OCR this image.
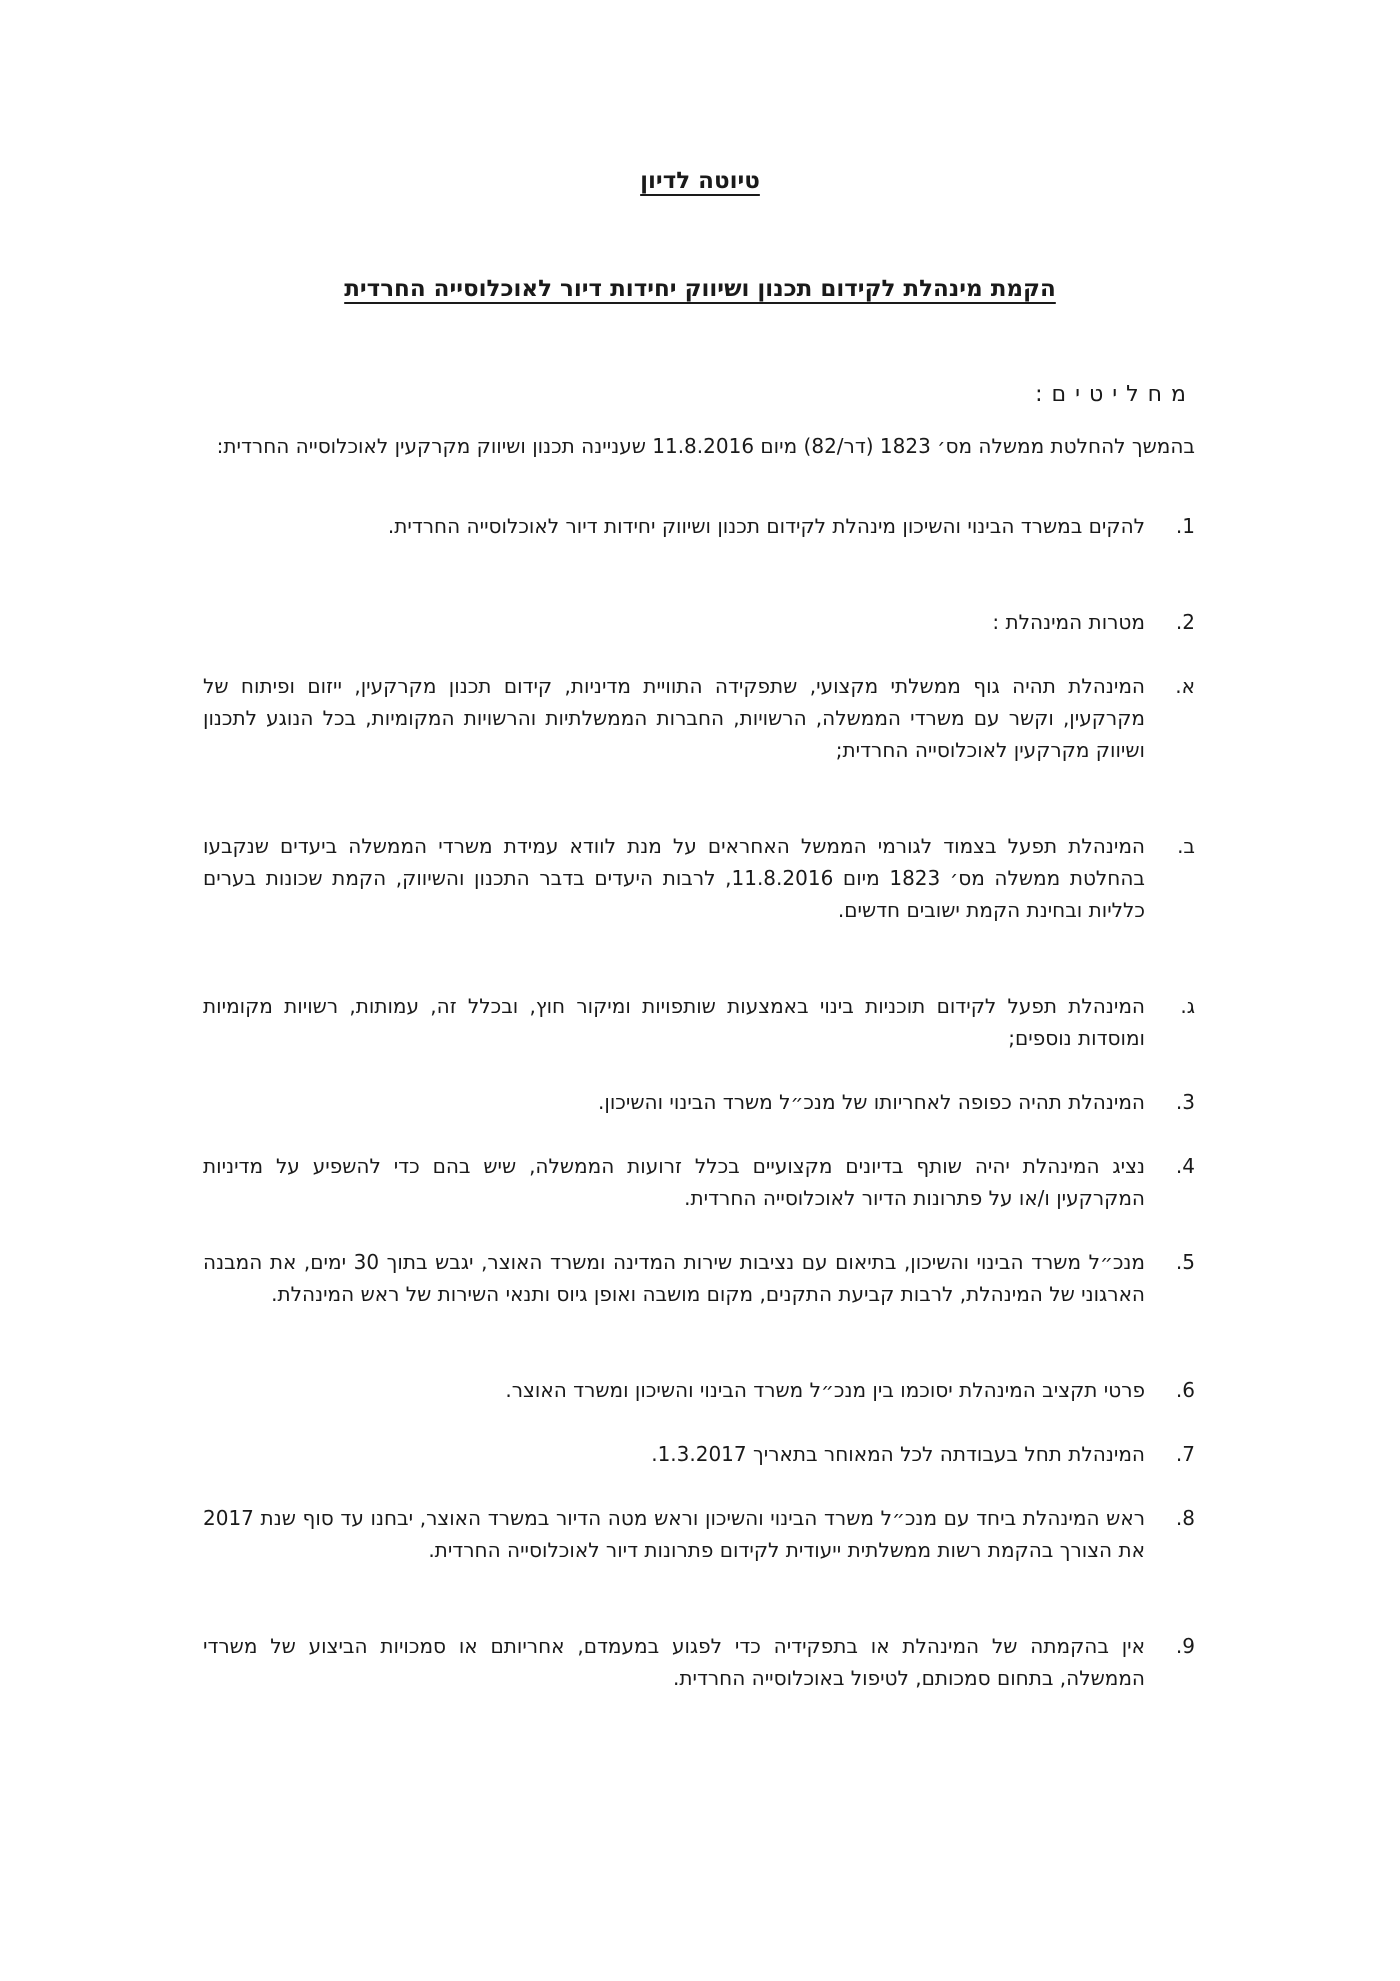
טיוטה לדיון

הקמת מינהלת לקידום תכנון ושיווק יחידות דיור לאוכלוסייה החרדית

מחליטים:

בהמשך להחלטת ממשלה מס׳ 1823 (דר/82) מיום 11.8.2016 שעניינה תכנון ושיווק מקרקעין לאוכלוסייה החרדית:

1.
להקים במשרד הבינוי והשיכון מינהלת לקידום תכנון ושיווק יחידות דיור לאוכלוסייה החרדית.
2.
מטרות המינהלת :
א.
המינהלת תהיה גוף ממשלתי מקצועי, שתפקידה התוויית מדיניות, קידום תכנון מקרקעין, ייזום ופיתוח של מקרקעין, וקשר עם משרדי הממשלה, הרשויות, החברות הממשלתיות והרשויות המקומיות, בכל הנוגע לתכנון ושיווק מקרקעין לאוכלוסייה החרדית;
ב.
המינהלת תפעל בצמוד לגורמי הממשל האחראים על מנת לוודא עמידת משרדי הממשלה ביעדים שנקבעו בהחלטת ממשלה מס׳ 1823 מיום 11.8.2016, לרבות היעדים בדבר התכנון והשיווק, הקמת שכונות בערים כלליות ובחינת הקמת ישובים חדשים.
ג.
המינהלת תפעל לקידום תוכניות בינוי באמצעות שותפויות ומיקור חוץ, ובכלל זה, עמותות, רשויות מקומיות ומוסדות נוספים;
3.
המינהלת תהיה כפופה לאחריותו של מנכ״ל משרד הבינוי והשיכון.
4.
נציג המינהלת יהיה שותף בדיונים מקצועיים בכלל זרועות הממשלה, שיש בהם כדי להשפיע על מדיניות המקרקעין ו/או על פתרונות הדיור לאוכלוסייה החרדית.
5.
מנכ״ל משרד הבינוי והשיכון, בתיאום עם נציבות שירות המדינה ומשרד האוצר, יגבש בתוך 30 ימים, את המבנה הארגוני של המינהלת, לרבות קביעת התקנים, מקום מושבה ואופן גיוס ותנאי השירות של ראש המינהלת.
6.
פרטי תקציב המינהלת יסוכמו בין מנכ״ל משרד הבינוי והשיכון ומשרד האוצר.
7.
המינהלת תחל בעבודתה לכל המאוחר בתאריך 1.3.2017.
8.
ראש המינהלת ביחד עם מנכ״ל משרד הבינוי והשיכון וראש מטה הדיור במשרד האוצר, יבחנו עד סוף שנת 2017 את הצורך בהקמת רשות ממשלתית ייעודית לקידום פתרונות דיור לאוכלוסייה החרדית.
9.
אין בהקמתה של המינהלת או בתפקידיה כדי לפגוע במעמדם, אחריותם או סמכויות הביצוע של משרדי הממשלה, בתחום סמכותם, לטיפול באוכלוסייה החרדית.
